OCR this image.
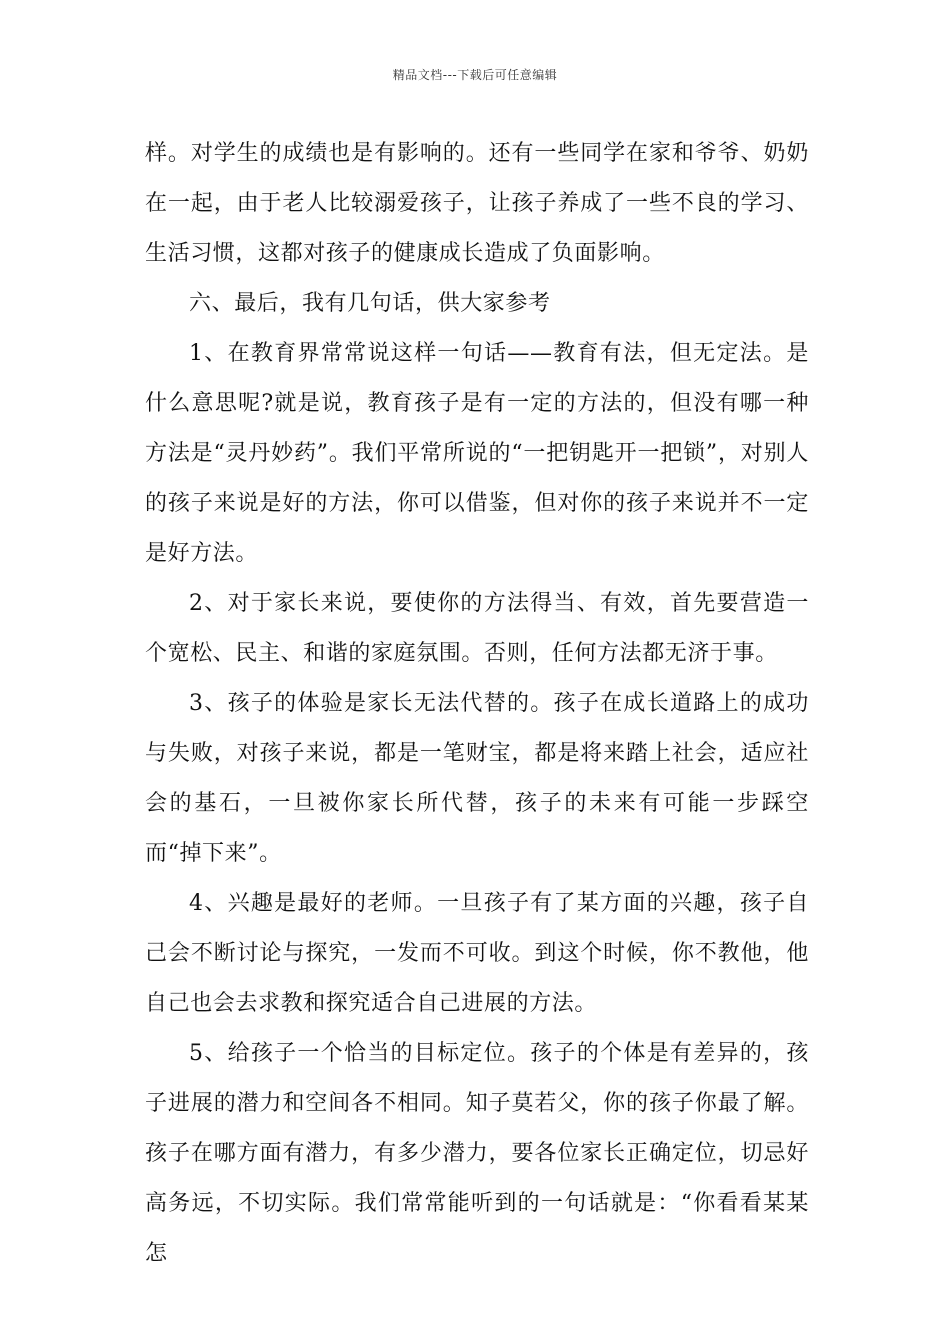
精品文档---下载后可任意编辑

样。对学生的成绩也是有影响的。还有一些同学在家和爷爷、奶奶在一起，由于老人比较溺爱孩子，让孩子养成了一些不良的学习、生活习惯，这都对孩子的健康成长造成了负面影响。

六、最后，我有几句话，供大家参考

1、在教育界常常说这样一句话——教育有法，但无定法。是什么意思呢?就是说，教育孩子是有一定的方法的，但没有哪一种方法是“灵丹妙药”。我们平常所说的“一把钥匙开一把锁”，对别人的孩子来说是好的方法，你可以借鉴，但对你的孩子来说并不一定是好方法。

2、对于家长来说，要使你的方法得当、有效，首先要营造一个宽松、民主、和谐的家庭氛围。否则，任何方法都无济于事。

3、孩子的体验是家长无法代替的。孩子在成长道路上的成功与失败，对孩子来说，都是一笔财宝，都是将来踏上社会，适应社会的基石，一旦被你家长所代替，孩子的未来有可能一步踩空而“掉下来”。

4、兴趣是最好的老师。一旦孩子有了某方面的兴趣，孩子自己会不断讨论与探究，一发而不可收。到这个时候，你不教他，他自己也会去求教和探究适合自己进展的方法。

5、给孩子一个恰当的目标定位。孩子的个体是有差异的，孩子进展的潜力和空间各不相同。知子莫若父，你的孩子你最了解。孩子在哪方面有潜力，有多少潜力，要各位家长正确定位，切忌好高务远，不切实际。我们常常能听到的一句话就是：“你看看某某怎
